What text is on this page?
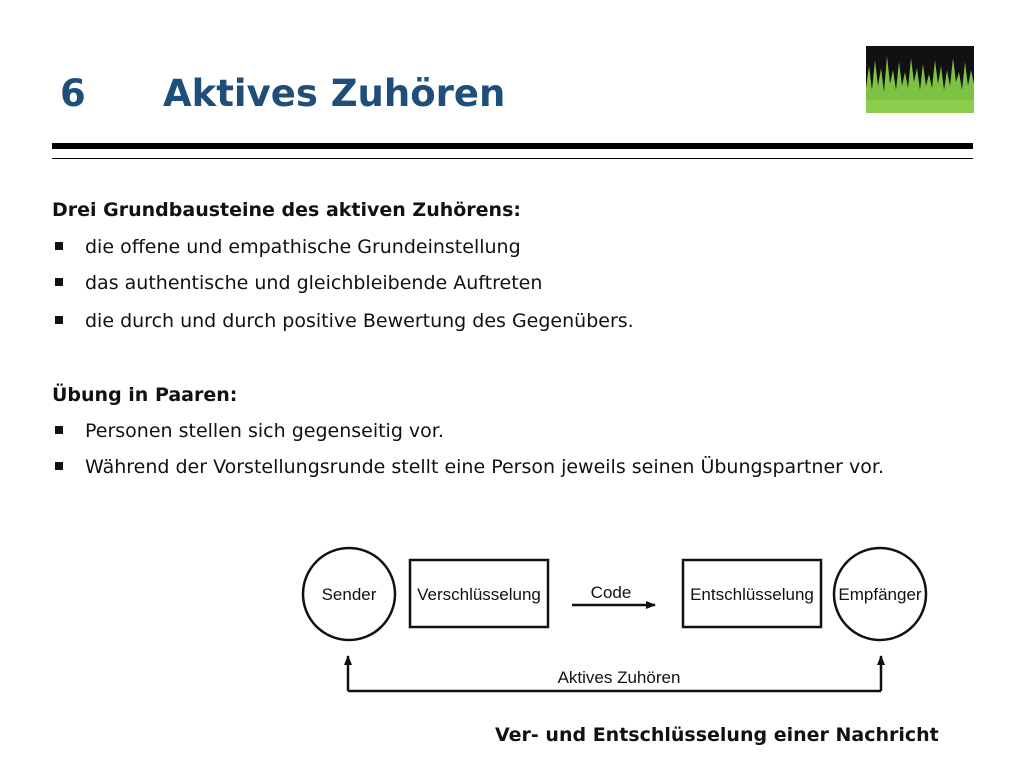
6 Aktives Zuhören
Drei Grundbausteine des aktiven Zuhörens:
die offene und empathische Grundeinstellung
das authentische und gleichbleibende Auftreten
die durch und durch positive Bewertung des Gegenübers.
Übung in Paaren:
Personen stellen sich gegenseitig vor.
Während der Vorstellungsrunde stellt eine Person jeweils seinen Übungspartner vor.
Sender Verschlüsselung	Code	Entschlüsselung Empfänger
Aktives Zuhören
Ver- und Entschlüsselung einer Nachricht
